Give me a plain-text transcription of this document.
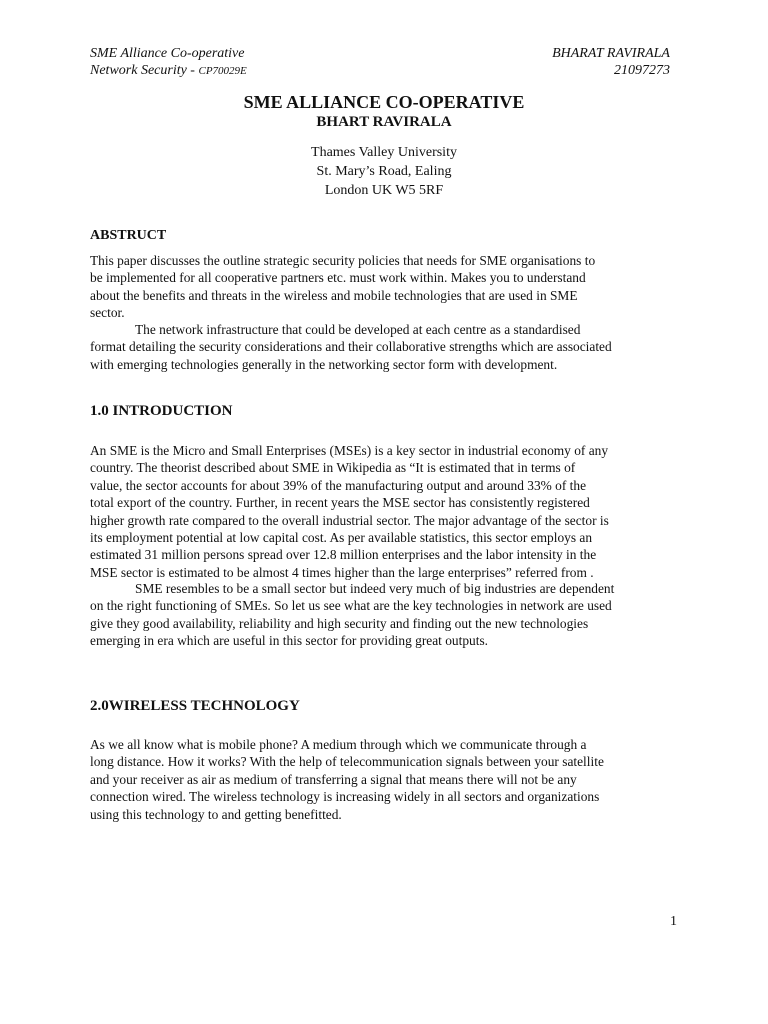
SME Alliance Co-operative
Network Security - CP70029E
BHARAT RAVIRALA
21097273
SME ALLIANCE CO-OPERATIVE
BHART RAVIRALA
Thames Valley University
St. Mary’s Road, Ealing
London UK W5 5RF
ABSTRUCT
This paper discusses the outline strategic security policies that needs for SME organisations to
be implemented for all cooperative partners etc. must work within. Makes you to understand
about the benefits and threats in the wireless and mobile technologies that are used in SME
sector.
The network infrastructure that could be developed at each centre as a standardised
format detailing the security considerations and their collaborative strengths which are associated
with emerging technologies generally in the networking sector form with development.
1.0 INTRODUCTION
An SME is the Micro and Small Enterprises (MSEs) is a key sector in industrial economy of any
country. The theorist described about SME in Wikipedia as “It is estimated that in terms of
value, the sector accounts for about 39% of the manufacturing output and around 33% of the
total export of the country. Further, in recent years the MSE sector has consistently registered
higher growth rate compared to the overall industrial sector. The major advantage of the sector is
its employment potential at low capital cost. As per available statistics, this sector employs an
estimated 31 million persons spread over 12.8 million enterprises and the labor intensity in the
MSE sector is estimated to be almost 4 times higher than the large enterprises” referred from .
SME resembles to be a small sector but indeed very much of big industries are dependent
on the right functioning of SMEs. So let us see what are the key technologies in network are used
give they good availability, reliability and high security and finding out the new technologies
emerging in era which are useful in this sector for providing great outputs.
2.0WIRELESS TECHNOLOGY
As we all know what is mobile phone? A medium through which we communicate through a
long distance. How it works? With the help of telecommunication signals between your satellite
and your receiver as air as medium of transferring a signal that means there will not be any
connection wired. The wireless technology is increasing widely in all sectors and organizations
using this technology to and getting benefitted.
1
